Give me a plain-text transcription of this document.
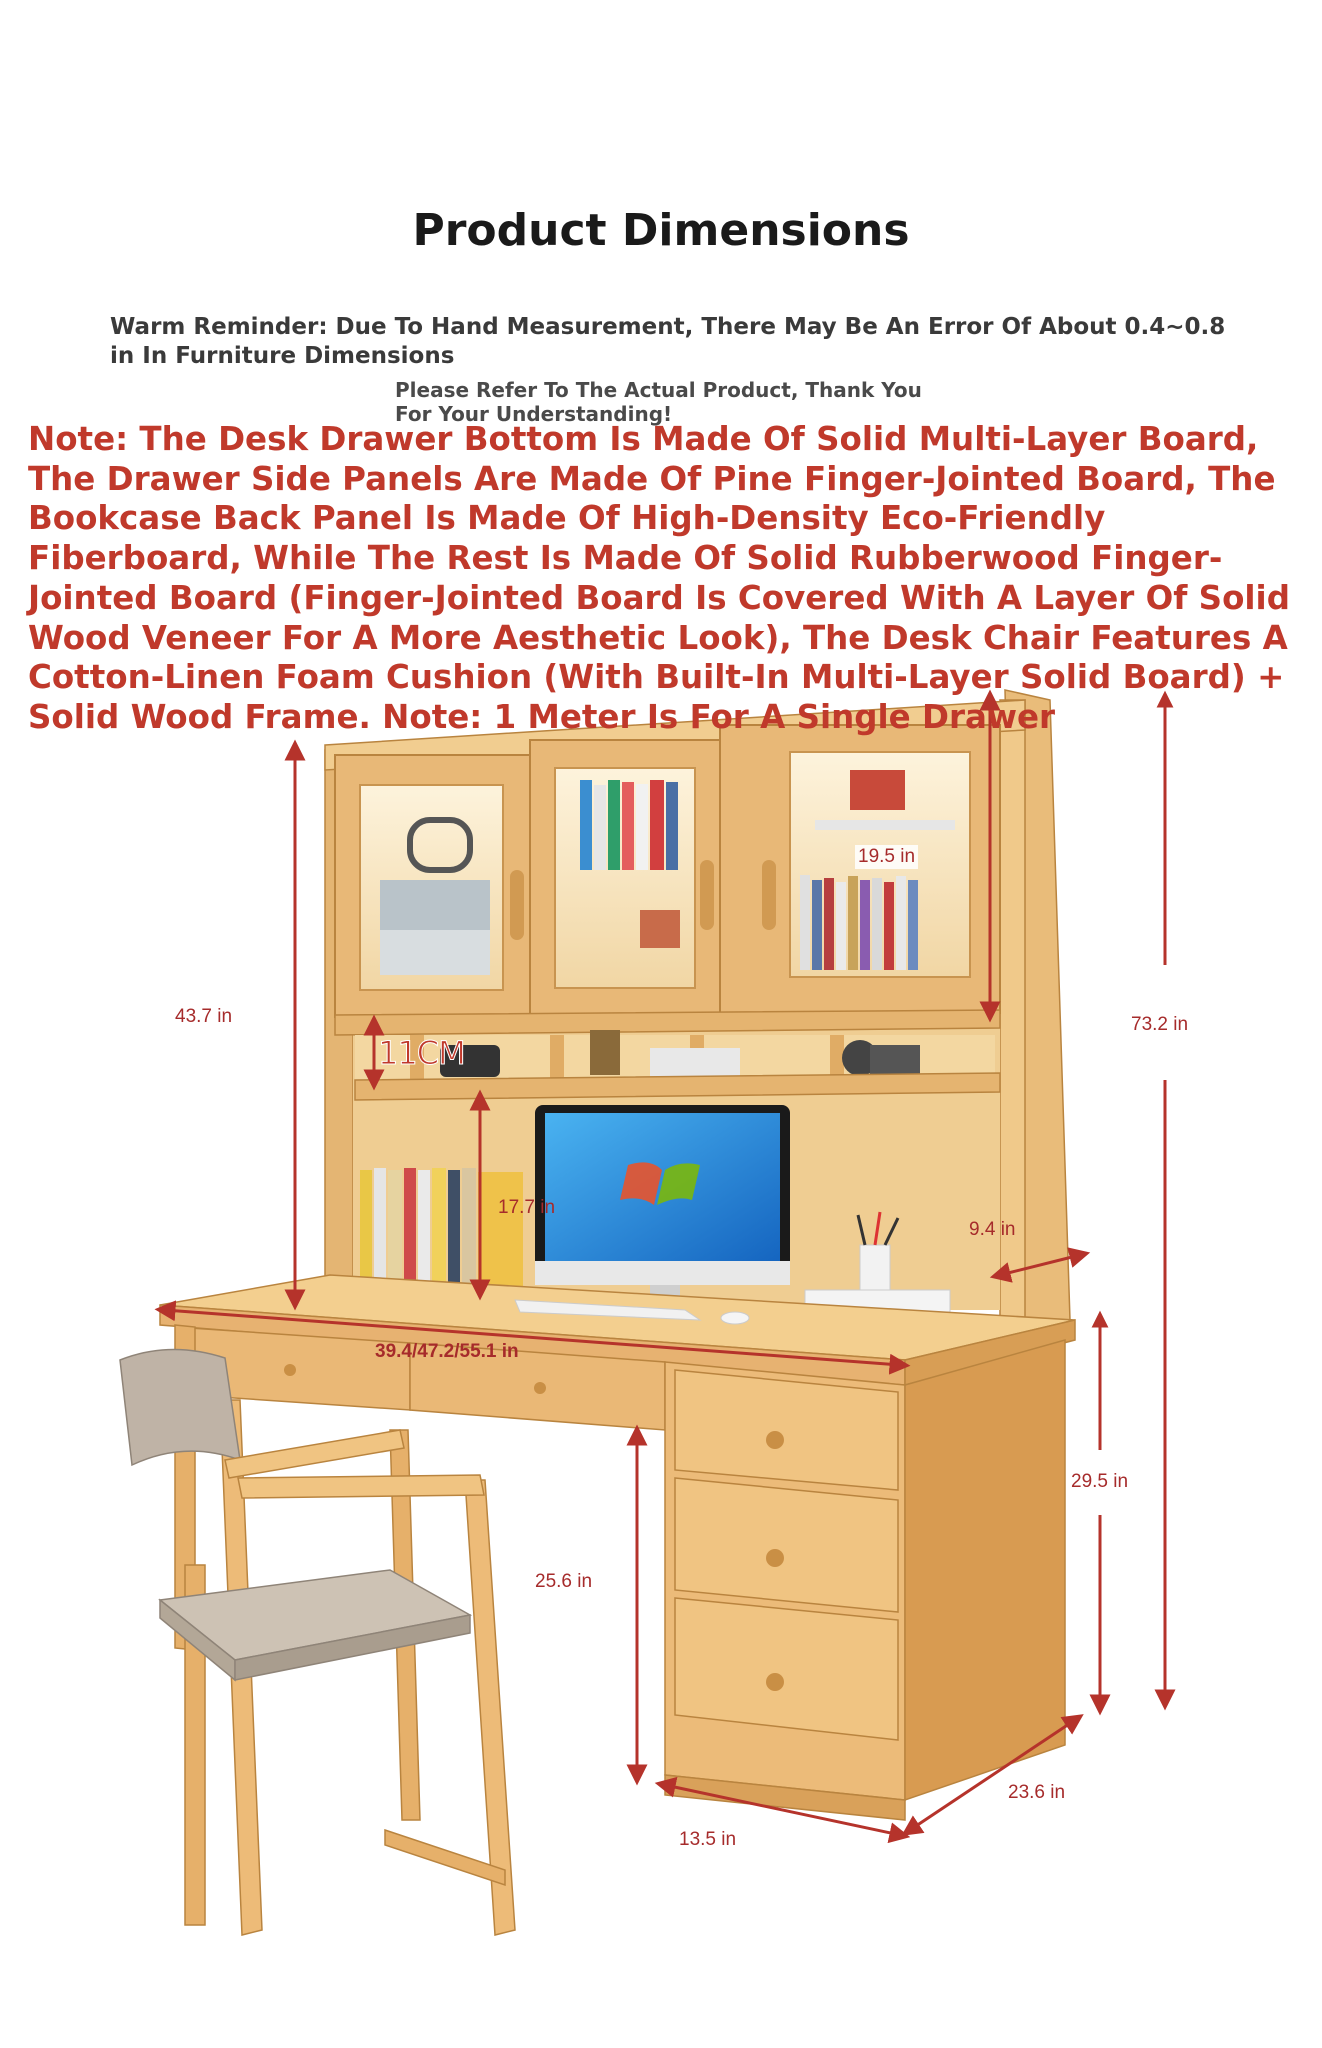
Product Dimensions
Warm Reminder: Due To Hand Measurement, There May Be An Error Of About 0.4~0.8 in In Furniture Dimensions
Please Refer To The Actual Product, Thank You
For Your Understanding!
Note: The Desk Drawer Bottom Is Made Of Solid Multi-Layer Board, The Drawer Side Panels Are Made Of Pine Finger-Jointed Board, The Bookcase Back Panel Is Made Of High-Density Eco-Friendly Fiberboard, While The Rest Is Made Of Solid Rubberwood Finger-Jointed Board (Finger-Jointed Board Is Covered With A Layer Of Solid Wood Veneer For A More Aesthetic Look), The Desk Chair Features A Cotton-Linen Foam Cushion (With Built-In Multi-Layer Solid Board) + Solid Wood Frame. Note: 1 Meter Is For A Single Drawer
43.7 in
19.5 in
73.2 in
11CM
17.7 in
9.4 in
39.4/47.2/55.1 in
29.5 in
25.6 in
23.6 in
13.5 in
